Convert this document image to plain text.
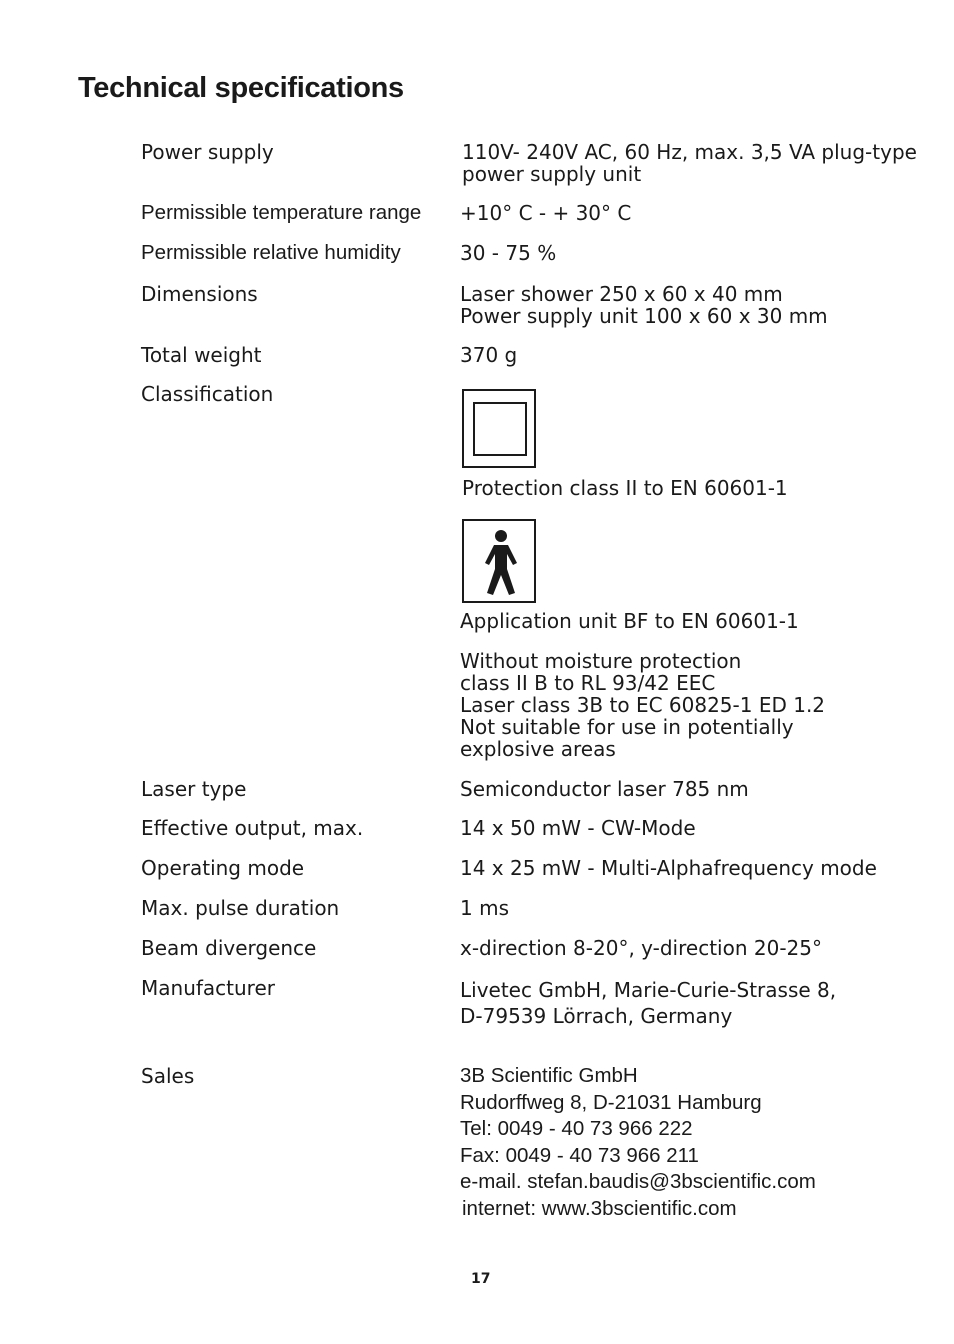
Technical specifications
Power supply	110V- 240V AC, 60 Hz, max. 3,5 VA plug-type
power supply unit
Permissible temperature range +10° C - + 30° C
Permissible relative humidity	30 - 75 %
Dimensions	Laser shower 250 x 60 x 40 mm
Power supply unit 100 x 60 x 30 mm
Total weight	370 g
Classification
Protection class II to EN 60601-1
Application unit BF to EN 60601-1
Without moisture protection
class II B to RL 93/42 EEC
Laser class 3B to EC 60825-1 ED 1.2
Not suitable for use in potentially
explosive areas
Laser type	Semiconductor laser 785 nm
Effective output, max.	14 x 50 mW - CW-Mode
Operating mode	14 x 25 mW - Multi-Alphafrequency mode
Max. pulse duration	1 ms
Beam divergence	x-direction 8-20°, y-direction 20-25°
Manufacturer	Livetec GmbH, Marie-Curie-Strasse 8,
D-79539 Lörrach, Germany
Sales	3B Scientific GmbH
Rudorffweg 8, D-21031 Hamburg
Tel: 0049 - 40 73 966 222
Fax: 0049 - 40 73 966 211
e-mail. stefan.baudis@3bscientific.com
internet: www.3bscientific.com
17
